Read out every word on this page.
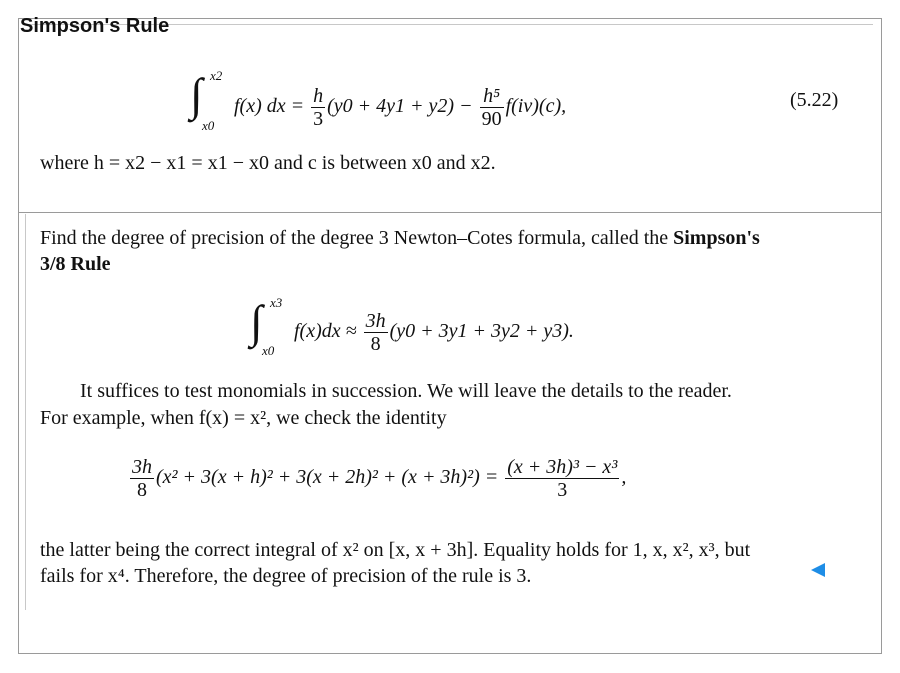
Simpson's Rule
∫ x2
x0
f(x) dx = $\frac{h}{3} (y0 + 4y1 + y2) - \frac{\text{h⁵}}{90} f(iv)(c)$,	(5.22)
where h = x2 − x1 = x1 − x0 and c is between x0 and x2.
Find the degree of precision of the degree 3 Newton–Cotes formula, called the Simpson's
3/8 Rule
∫ x3
x0
$f(x)dx \approx \frac{3h}{8} (y0 + 3y1 + 3y2 + y3)$.
It suffices to test monomials in succession. We will leave the details to the reader.
For example, when f(x) = x², we check the identity
$\frac{3h}{8} (x^2 + 3(x + h)^2 + 3(x + 2h)^2 + (x + 3h)^2) = \frac{\text{(x + 3h)³ − x³}}{3}$ ,
the latter being the correct integral of x² on [x, x + 3h]. Equality holds for 1, x, x², x³, but
fails for x⁴. Therefore, the degree of precision of the rule is 3.
